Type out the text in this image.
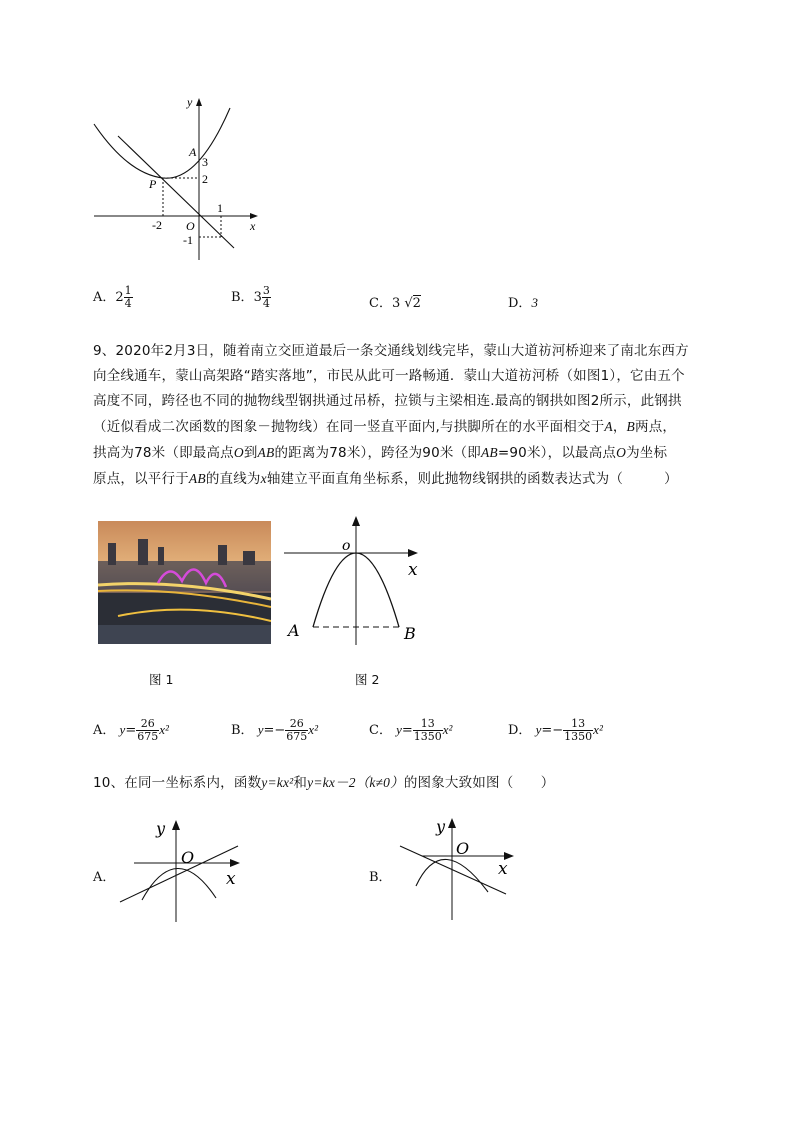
y
x
A
P
O
3
2
-2
1
-1
A．$2 \frac{1}{4}$	B．$3 \frac{3}{4}$	C．3 √2	D．3
9、2020年2月3日，随着南立交匝道最后一条交通线划线完毕，蒙山大道祊河桥迎来了南北东西方
向全线通车，蒙山高架路“踏实落地”，市民从此可一路畅通．蒙山大道祊河桥（如图1），它由五个
高度不同，跨径也不同的抛物线型钢拱通过吊桥，拉锁与主梁相连.最高的钢拱如图2所示，此钢拱
（近似看成二次函数的图象－抛物线）在同一竖直平面内,与拱脚所在的水平面相交于A，B两点，
拱高为78米（即最高点O到AB的距离为78米），跨径为90米（即AB=90米），以最高点O为坐标
原点，以平行于AB的直线为x轴建立平面直角坐标系，则此抛物线钢拱的函数表达式为（　　　）
o
x
A	B
图 1	图 2
A． $y= \frac{26}{675} x^2$	B． $y=- \frac{26}{675} x^2$	C． $y= \frac{13}{1350} x^2$	D． $y=- \frac{13}{1350} x^2$
10、在同一坐标系内，函数y=kx²和y=kx－2（k≠0）的图象大致如图（　　）
A．
y
x
O
B．
y
x
O
